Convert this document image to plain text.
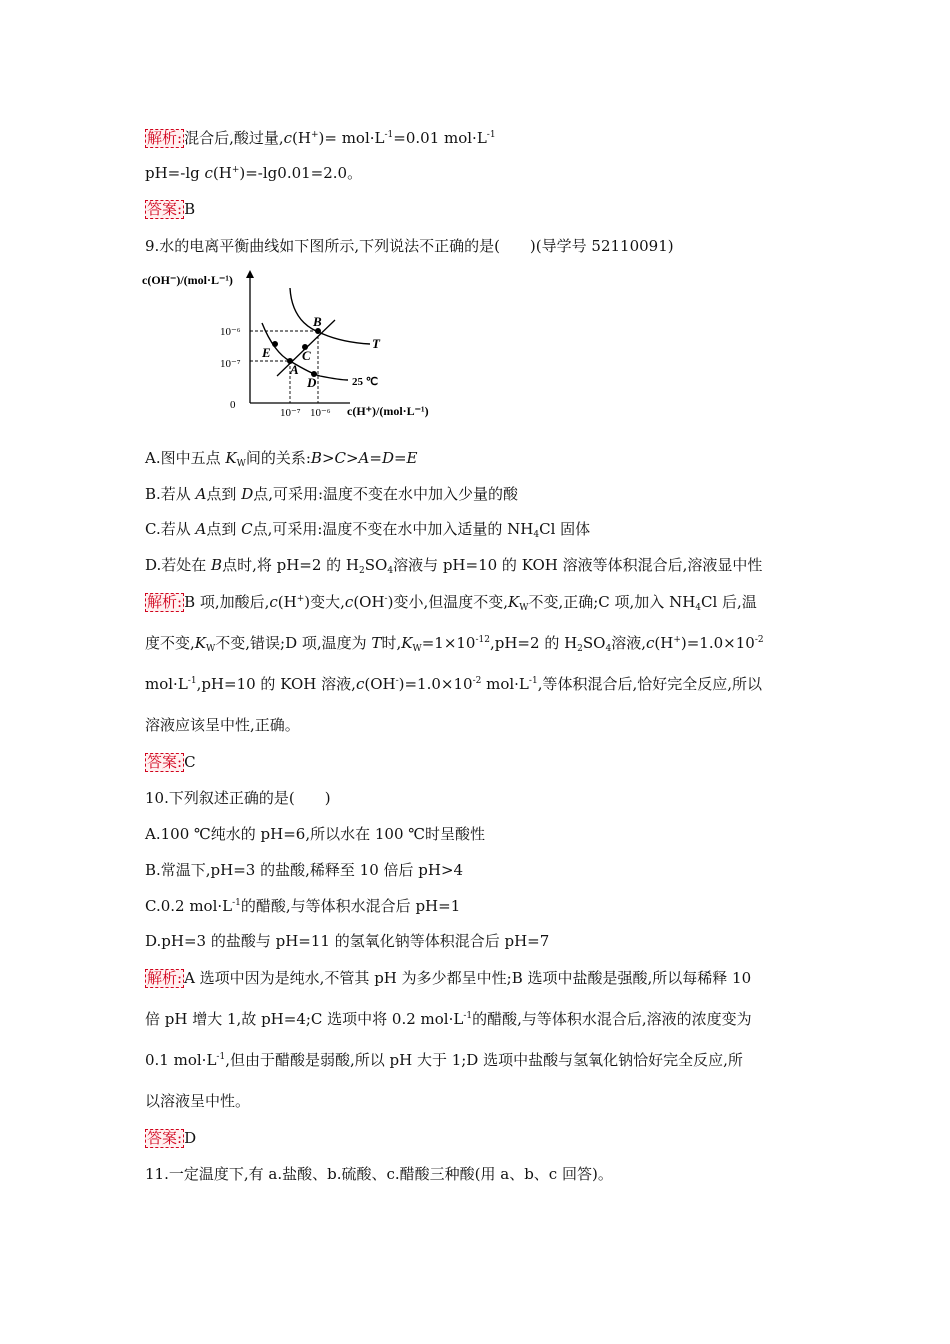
解析: 混合后,酸过量$,c(H^+)= mol\cdot L^{-1}=0.01$ $mol\cdot L^{-1}$
pH=-lg c(H+)=-lg0.01=2.0。
答案: B
9.水的电离平衡曲线如下图所示,下列说法不正确的是(　　)(导学号 52110091)
c(OH⁻)/(mol·L⁻¹)
0
10⁻⁶
10⁻⁷
10⁻⁷ 10⁻⁶ c(H⁺)/(mol·L⁻¹)
B
A
C
E
D
T
25 ℃
A.图中五点 $K_W$间的关系:B>C>A=D=E
B.若从 A点到 D点,可采用:温度不变在水中加入少量的酸
C.若从 A点到 C点,可采用:温度不变在水中加入适量的 $NH_4Cl$ 固体
D.若处在 B点时,将 pH=2 的 $H_2SO_4$溶液与 pH=10 的 KOH 溶液等体积混合后,溶液显中性
解析: B 项,加酸后,c(H+)变大,c(OH-)变小,但温度不变$,K_W$不变,正确;C 项,加入 $NH_4Cl$ 后,温
度不变$,K_W$不变,错误;D 项,温度为 T时$,K_W=1\times 10^{-12},pH=2$ 的 $H_2SO_4$溶液$,c(H^+)=1.0\times 10^{-2}$
$mol\cdot L^{-1},pH=10$ 的 KOH 溶液$,c(OH^-)=1.0\times 10^{-2}$ $mol\cdot L^{-1}$,等体积混合后,恰好完全反应,所以
溶液应该呈中性,正确。
答案: C
10.下列叙述正确的是(　　)
A.100 ℃纯水的 pH=6,所以水在 100 ℃时呈酸性
B.常温下,pH=3 的盐酸,稀释至 10 倍后 pH>4
C.0.2 $mol\cdot L^{-1}$的醋酸,与等体积水混合后 pH=1
D.pH=3 的盐酸与 pH=11 的氢氧化钠等体积混合后 pH=7
解析: A 选项中因为是纯水,不管其 pH 为多少都呈中性;B 选项中盐酸是强酸,所以每稀释 10
倍 pH 增大 1,故 pH=4;C 选项中将 0.2 $mol\cdot L^{-1}$的醋酸,与等体积水混合后,溶液的浓度变为
0.1 $mol\cdot L^{-1}$,但由于醋酸是弱酸,所以 pH 大于 1;D 选项中盐酸与氢氧化钠恰好完全反应,所
以溶液呈中性。
答案: D
11.一定温度下,有 a.盐酸、b.硫酸、c.醋酸三种酸(用 a、b、c 回答)。
